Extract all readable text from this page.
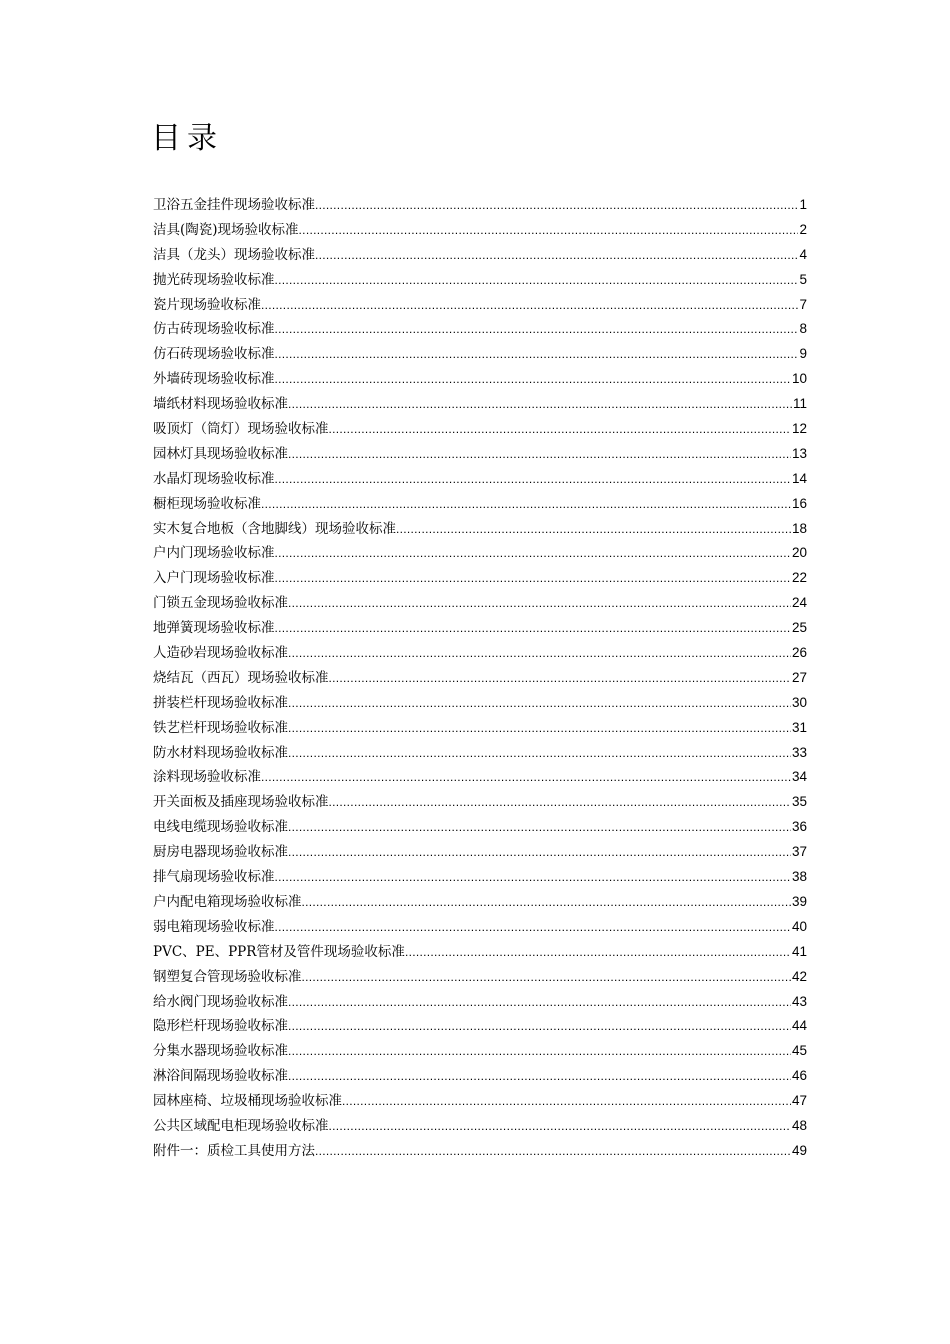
目录
卫浴五金挂件现场验收标准 .....	1
洁具(陶瓷)现场验收标准 .....	2
洁具（龙头）现场验收标准 .....	4
抛光砖现场验收标准 .....	5
瓷片现场验收标准 .....	7
仿古砖现场验收标准 .....	8
仿石砖现场验收标准 .....	9
外墙砖现场验收标准 .....	10
墙纸材料现场验收标准 .....	11
吸顶灯（筒灯）现场验收标准 .....	12
园林灯具现场验收标准 .....	13
水晶灯现场验收标准 .....	14
橱柜现场验收标准 .....	16
实木复合地板（含地脚线）现场验收标准 .....	18
户内门现场验收标准 .....	20
入户门现场验收标准 .....	22
门锁五金现场验收标准 .....	24
地弹簧现场验收标准 .....	25
人造砂岩现场验收标准 .....	26
烧结瓦（西瓦）现场验收标准 .....	27
拼装栏杆现场验收标准 .....	30
铁艺栏杆现场验收标准 .....	31
防水材料现场验收标准 .....	33
涂料现场验收标准 .....	34
开关面板及插座现场验收标准 .....	35
电线电缆现场验收标准 .....	36
厨房电器现场验收标准 .....	37
排气扇现场验收标准 .....	38
户内配电箱现场验收标准 .....	39
弱电箱现场验收标准 .....	40
PVC、PE、PPR管材及管件现场验收标准 .....	41
钢塑复合管现场验收标准 .....	42
给水阀门现场验收标准 .....	43
隐形栏杆现场验收标准 .....	44
分集水器现场验收标准 .....	45
淋浴间隔现场验收标准 .....	46
园林座椅、垃圾桶现场验收标准 .....	47
公共区域配电柜现场验收标准 .....	48
附件一：质检工具使用方法 .....	49
